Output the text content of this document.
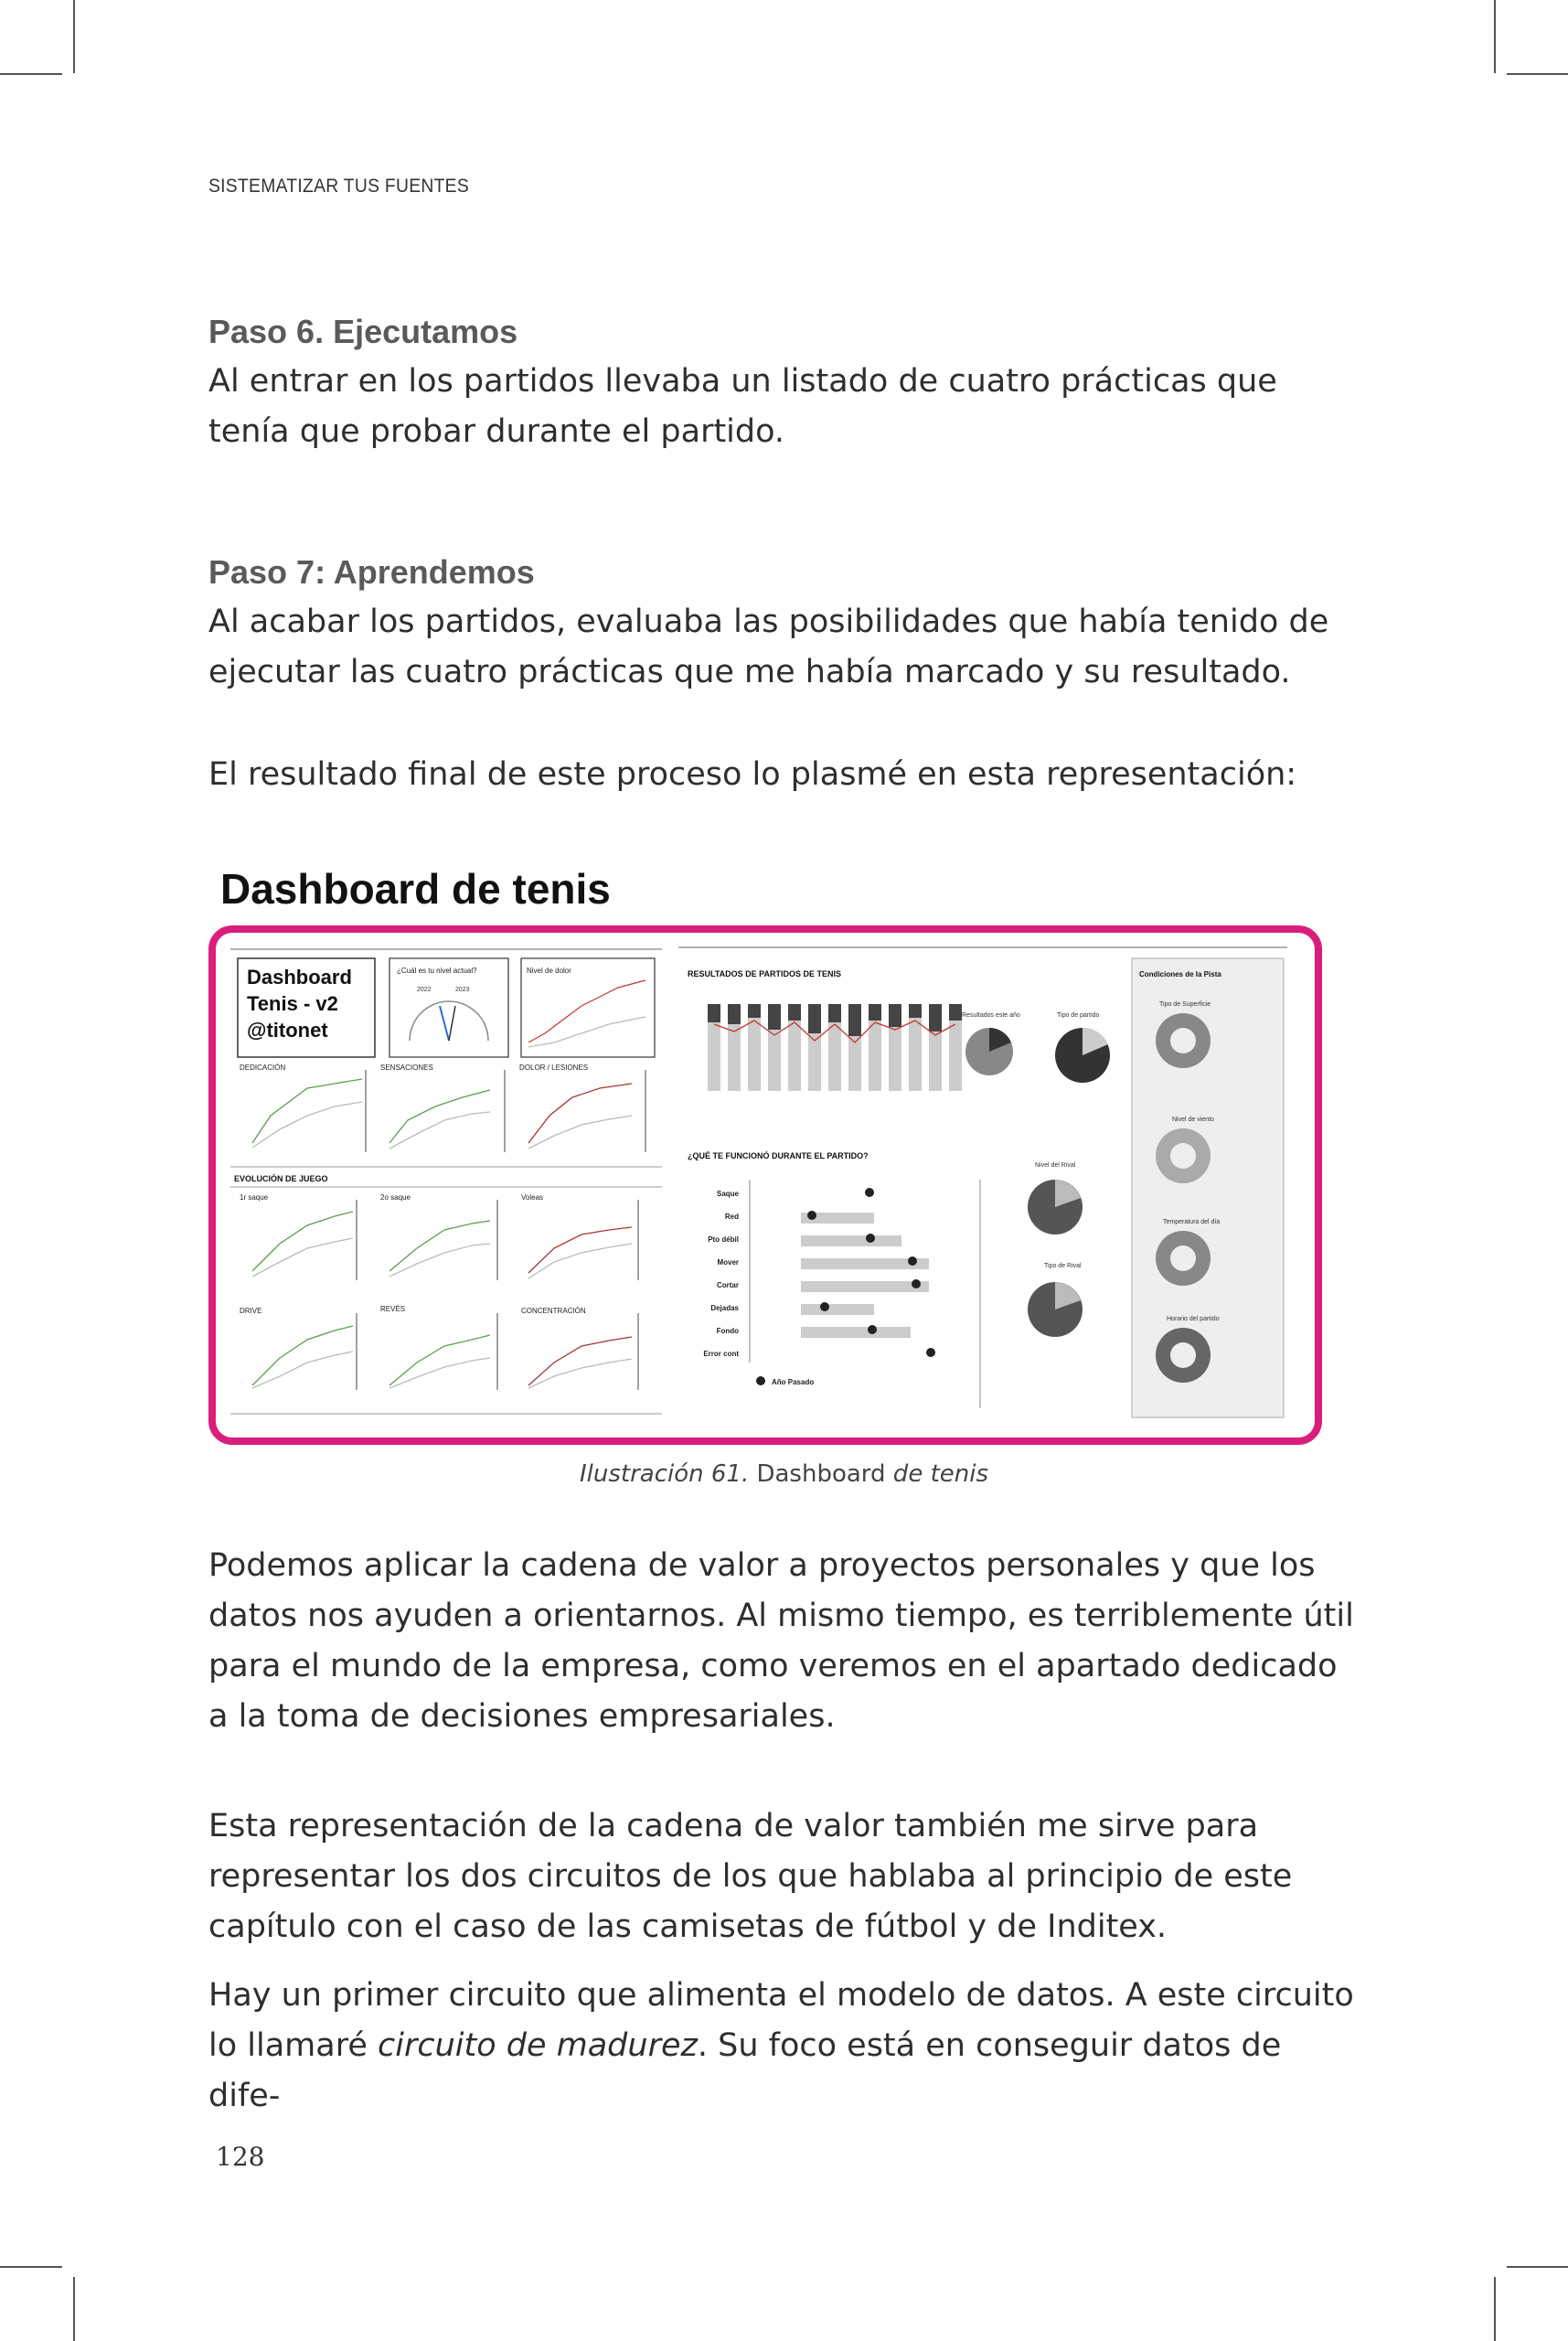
SISTEMATIZAR TUS FUENTES
Paso 6. Ejecutamos

Al entrar en los partidos llevaba un listado de cuatro prácticas que tenía que probar durante el partido.

Paso 7: Aprendemos

Al acabar los partidos, evaluaba las posibilidades que había tenido de ejecutar las cuatro prácticas que me había marcado y su resultado.

El resultado final de este proceso lo plasmé en esta representación:

Dashboard de tenis
Dashboard
Tenis - v2
@titonet
¿Cuál es tu nivel actual?
2022	2023
Nivel de dolor
DEDICACIÓN	SENSACIONES	DOLOR / LESIONES
EVOLUCIÓN DE JUEGO
1r saque	2o saque	Voleas
DRIVE	REVÉS	CONCENTRACIÓN
RESULTADOS DE PARTIDOS DE TENIS
Resultados este año	Tipo de partido
¿QUÉ TE FUNCIONÓ DURANTE EL PARTIDO?
Saque
Red
Pto débil
Mover
Cortar
Dejadas
Fondo
Error cont
Año Pasado
Nivel del Rival
Tipo de Rival
Condiciones de la Pista
Tipo de Superficie
Nivel de viento
Temperatura del día
Horario del partido
Ilustración 61. Dashboard de tenis

Podemos aplicar la cadena de valor a proyectos personales y que los datos nos ayuden a orientarnos. Al mismo tiempo, es terriblemente útil para el mundo de la empresa, como veremos en el apartado dedicado a la toma de decisiones empresariales.

Esta representación de la cadena de valor también me sirve para representar los dos circuitos de los que hablaba al principio de este capítulo con el caso de las camisetas de fútbol y de Inditex.

Hay un primer circuito que alimenta el modelo de datos. A este circuito lo llamaré circuito de madurez. Su foco está en conseguir datos de dife-

128
